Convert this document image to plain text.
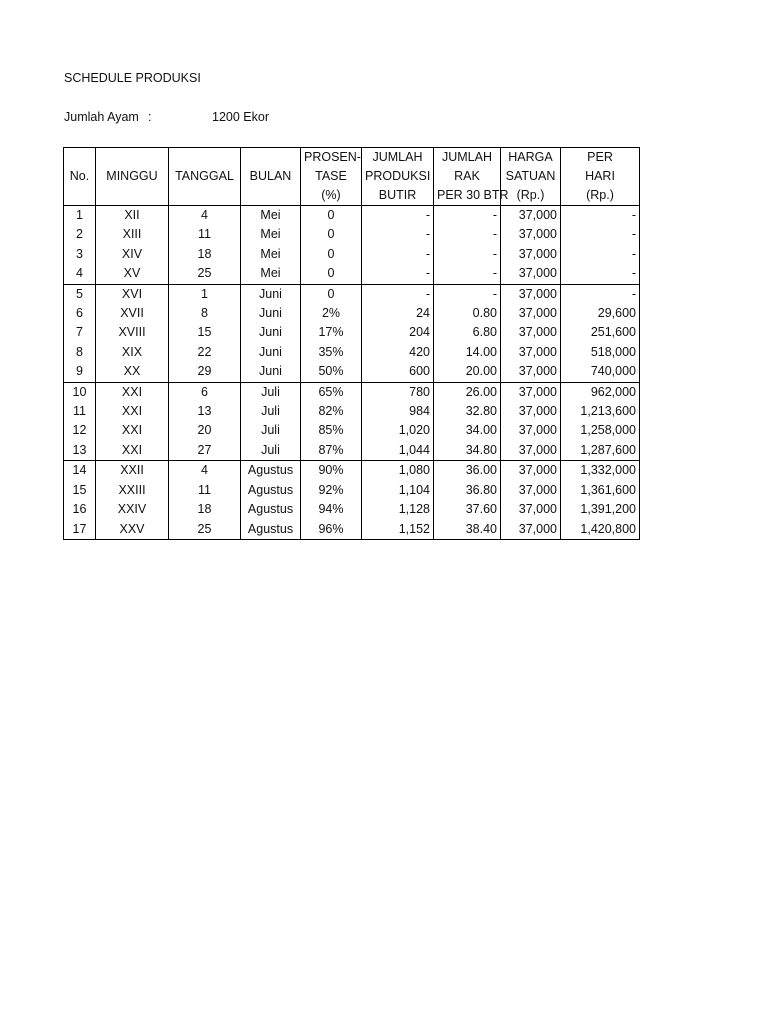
SCHEDULE PRODUKSI
Jumlah Ayam :	1200 Ekor
				PROSEN-	JUMLAH	JUMLAH	HARGA	PER
No.	MINGGU	TANGGAL	BULAN	TASE	PRODUKSI	RAK	SATUAN	HARI
				(%)	BUTIR	PER 30 BTR	(Rp.)	(Rp.)
1	XII	4	Mei	0	-	-	37,000	-
2	XIII	11	Mei	0	-	-	37,000	-
3	XIV	18	Mei	0	-	-	37,000	-
4	XV	25	Mei	0	-	-	37,000	-
5	XVI	1	Juni	0	-	-	37,000	-
6	XVII	8	Juni	2%	24	0.80	37,000	29,600
7	XVIII	15	Juni	17%	204	6.80	37,000	251,600
8	XIX	22	Juni	35%	420	14.00	37,000	518,000
9	XX	29	Juni	50%	600	20.00	37,000	740,000
10	XXI	6	Juli	65%	780	26.00	37,000	962,000
11	XXI	13	Juli	82%	984	32.80	37,000	1,213,600
12	XXI	20	Juli	85%	1,020	34.00	37,000	1,258,000
13	XXI	27	Juli	87%	1,044	34.80	37,000	1,287,600
14	XXII	4	Agustus	90%	1,080	36.00	37,000	1,332,000
15	XXIII	11	Agustus	92%	1,104	36.80	37,000	1,361,600
16	XXIV	18	Agustus	94%	1,128	37.60	37,000	1,391,200
17	XXV	25	Agustus	96%	1,152	38.40	37,000	1,420,800
